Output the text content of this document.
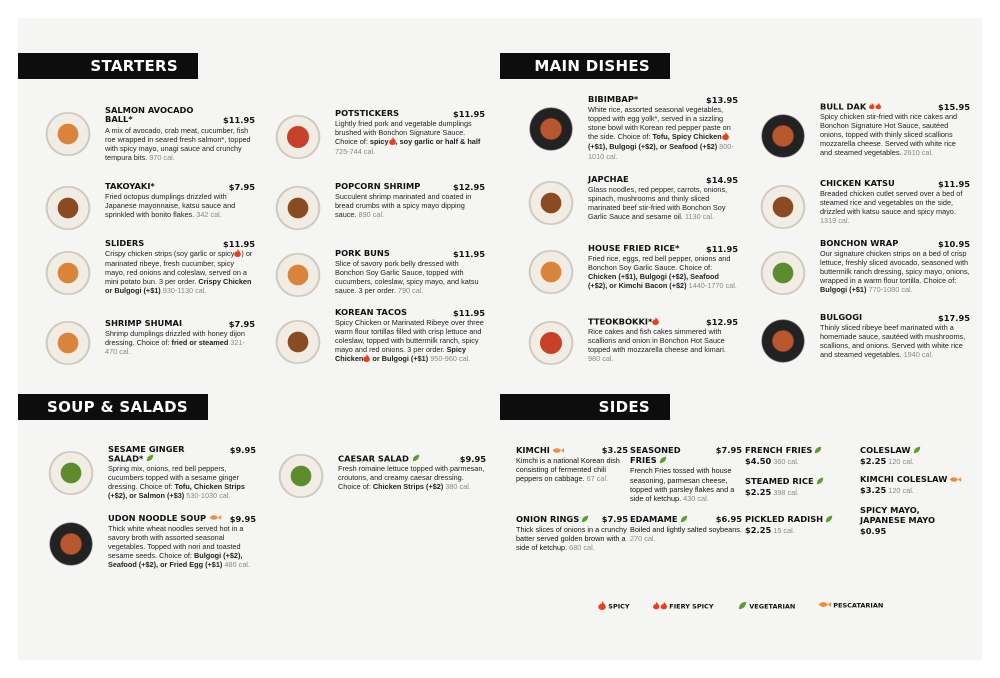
STARTERS	MAIN DISHES
SOUP & SALADS	SIDES
SALMON AVOCADO BALL*	$11.95
A mix of avocado, crab meat, cucumber, fish roe wrapped in seared fresh salmon*, topped with spicy mayo, unagi sauce and crunchy tempura bits. 970 cal.
TAKOYAKI*	$7.95
Fried octopus dumplings drizzled with Japanese mayonnaise, katsu sauce and sprinkled with bonito flakes. 342 cal.
SLIDERS	$11.95
Crispy chicken strips (soy garlic or spicy ) or marinated ribeye, fresh cucumber, spicy mayo, red onions and coleslaw, served on a mini potato bun. 3 per order. Crispy Chicken or Bulgogi (+$1) 930-1130 cal.
SHRIMP SHUMAI	$7.95
Shrimp dumplings drizzled with honey dijon dressing. Choice of: fried or steamed 321-470 cal.
POTSTICKERS	$11.95
Lightly fried pork and vegetable dumplings brushed with Bonchon Signature Sauce. Choice of: spicy , soy garlic or half & half 725-744 cal.
POPCORN SHRIMP	$12.95
Succulent shrimp marinated and coated in bread crumbs with a spicy mayo dipping sauce. 890 cal.
PORK BUNS	$11.95
Slice of savory pork belly dressed with Bonchon Soy Garlic Sauce, topped with cucumbers, coleslaw, spicy mayo, and katsu sauce. 3 per order. 790 cal.
KOREAN TACOS	$11.95
Spicy Chicken or Marinated Ribeye over three warm flour tortillas filled with crisp lettuce and coleslaw, topped with buttermilk ranch, spicy mayo and red onions. 3 per order. Spicy Chicken or Bulgogi (+$1) 950-960 cal.
BIBIMBAP*	$13.95
White rice, assorted seasonal vegetables, topped with egg yolk*, served in a sizzling stone bowl with Korean red pepper paste on the side. Choice of: Tofu, Spicy Chicken (+$1), Bulgogi (+$2), or Seafood (+$2) 800-1010 cal.
JAPCHAE	$14.95
Glass noodles, red pepper, carrots, onions, spinach, mushrooms and thinly sliced marinated beef stir-fried with Bonchon Soy Garlic Sauce and sesame oil. 1130 cal.
HOUSE FRIED RICE*	$11.95
Fried rice, eggs, red bell pepper, onions and Bonchon Soy Garlic Sauce. Choice of: Chicken (+$1), Bulgogi (+$2), Seafood (+$2), or Kimchi Bacon (+$2) 1440-1770 cal.
TTEOKBOKKI*	$12.95
Rice cakes and fish cakes simmered with scallions and onion in Bonchon Hot Sauce topped with mozzarella cheese and kimari. 980 cal.
BULL DAK	$15.95
Spicy chicken stir-fried with rice cakes and Bonchon Signature Hot Sauce, sautéed onions, topped with thinly sliced scallions mozzarella cheese. Served with white rice and steamed vegetables. 2610 cal.
CHICKEN KATSU	$11.95
Breaded chicken cutlet served over a bed of steamed rice and vegetables on the side, drizzled with katsu sauce and spicy mayo. 1319 cal.
BONCHON WRAP	$10.95
Our signature chicken strips on a bed of crisp lettuce, freshly sliced avocado, seasoned with buttermilk ranch dressing, spicy mayo, onions, wrapped in a warm flour tortilla. Choice of: Bulgogi (+$1) 770-1080 cal.
BULGOGI	$17.95
Thinly sliced ribeye beef marinated with a homemade sauce, sautéed with mushrooms, scallions, and onions. Served with white rice and steamed vegetables. 1940 cal.
SESAME GINGER SALAD*
$9.95
Spring mix, onions, red bell peppers, cucumbers topped with a sesame ginger dressing. Choice of: Tofu, Chicken Strips (+$2), or Salmon (+$3) 530-1030 cal.
UDON NOODLE SOUP	$9.95
Thick white wheat noodles served hot in a savory broth with assorted seasonal vegetables. Topped with nori and toasted sesame seeds. Choice of: Bulgogi (+$2), Seafood (+$2), or Fried Egg (+$1) 480 cal.
CAESAR SALAD	$9.95
Fresh romaine lettuce topped with parmesan, croutons, and creamy caesar dressing. Choice of: Chicken Strips (+$2) 380 cal.
KIMCHI	$3.25
Kimchi is a national Korean dish consisting of fermented chili peppers on cabbage. 67 cal.
ONION RINGS	$7.95
Thick slices of onions in a crunchy batter served golden brown with a side of ketchup. 680 cal.
SEASONED FRIES
$7.95
French Fries tossed with house seasoning, parmesan cheese, topped with parsley flakes and a side of ketchup. 430 cal.
EDAMAME	$6.95
Boiled and lightly salted soybeans. 270 cal.
FRENCH FRIES
$4.50 360 cal.
STEAMED RICE
$2.25 398 cal.
PICKLED RADISH
$2.25 15 cal.
COLESLAW
$2.25 120 cal.
KIMCHI COLESLAW
$3.25 120 cal.
SPICY MAYO, JAPANESE MAYO
$0.95
SPICY	FIERY SPICY	VEGETARIAN	PESCATARIAN
